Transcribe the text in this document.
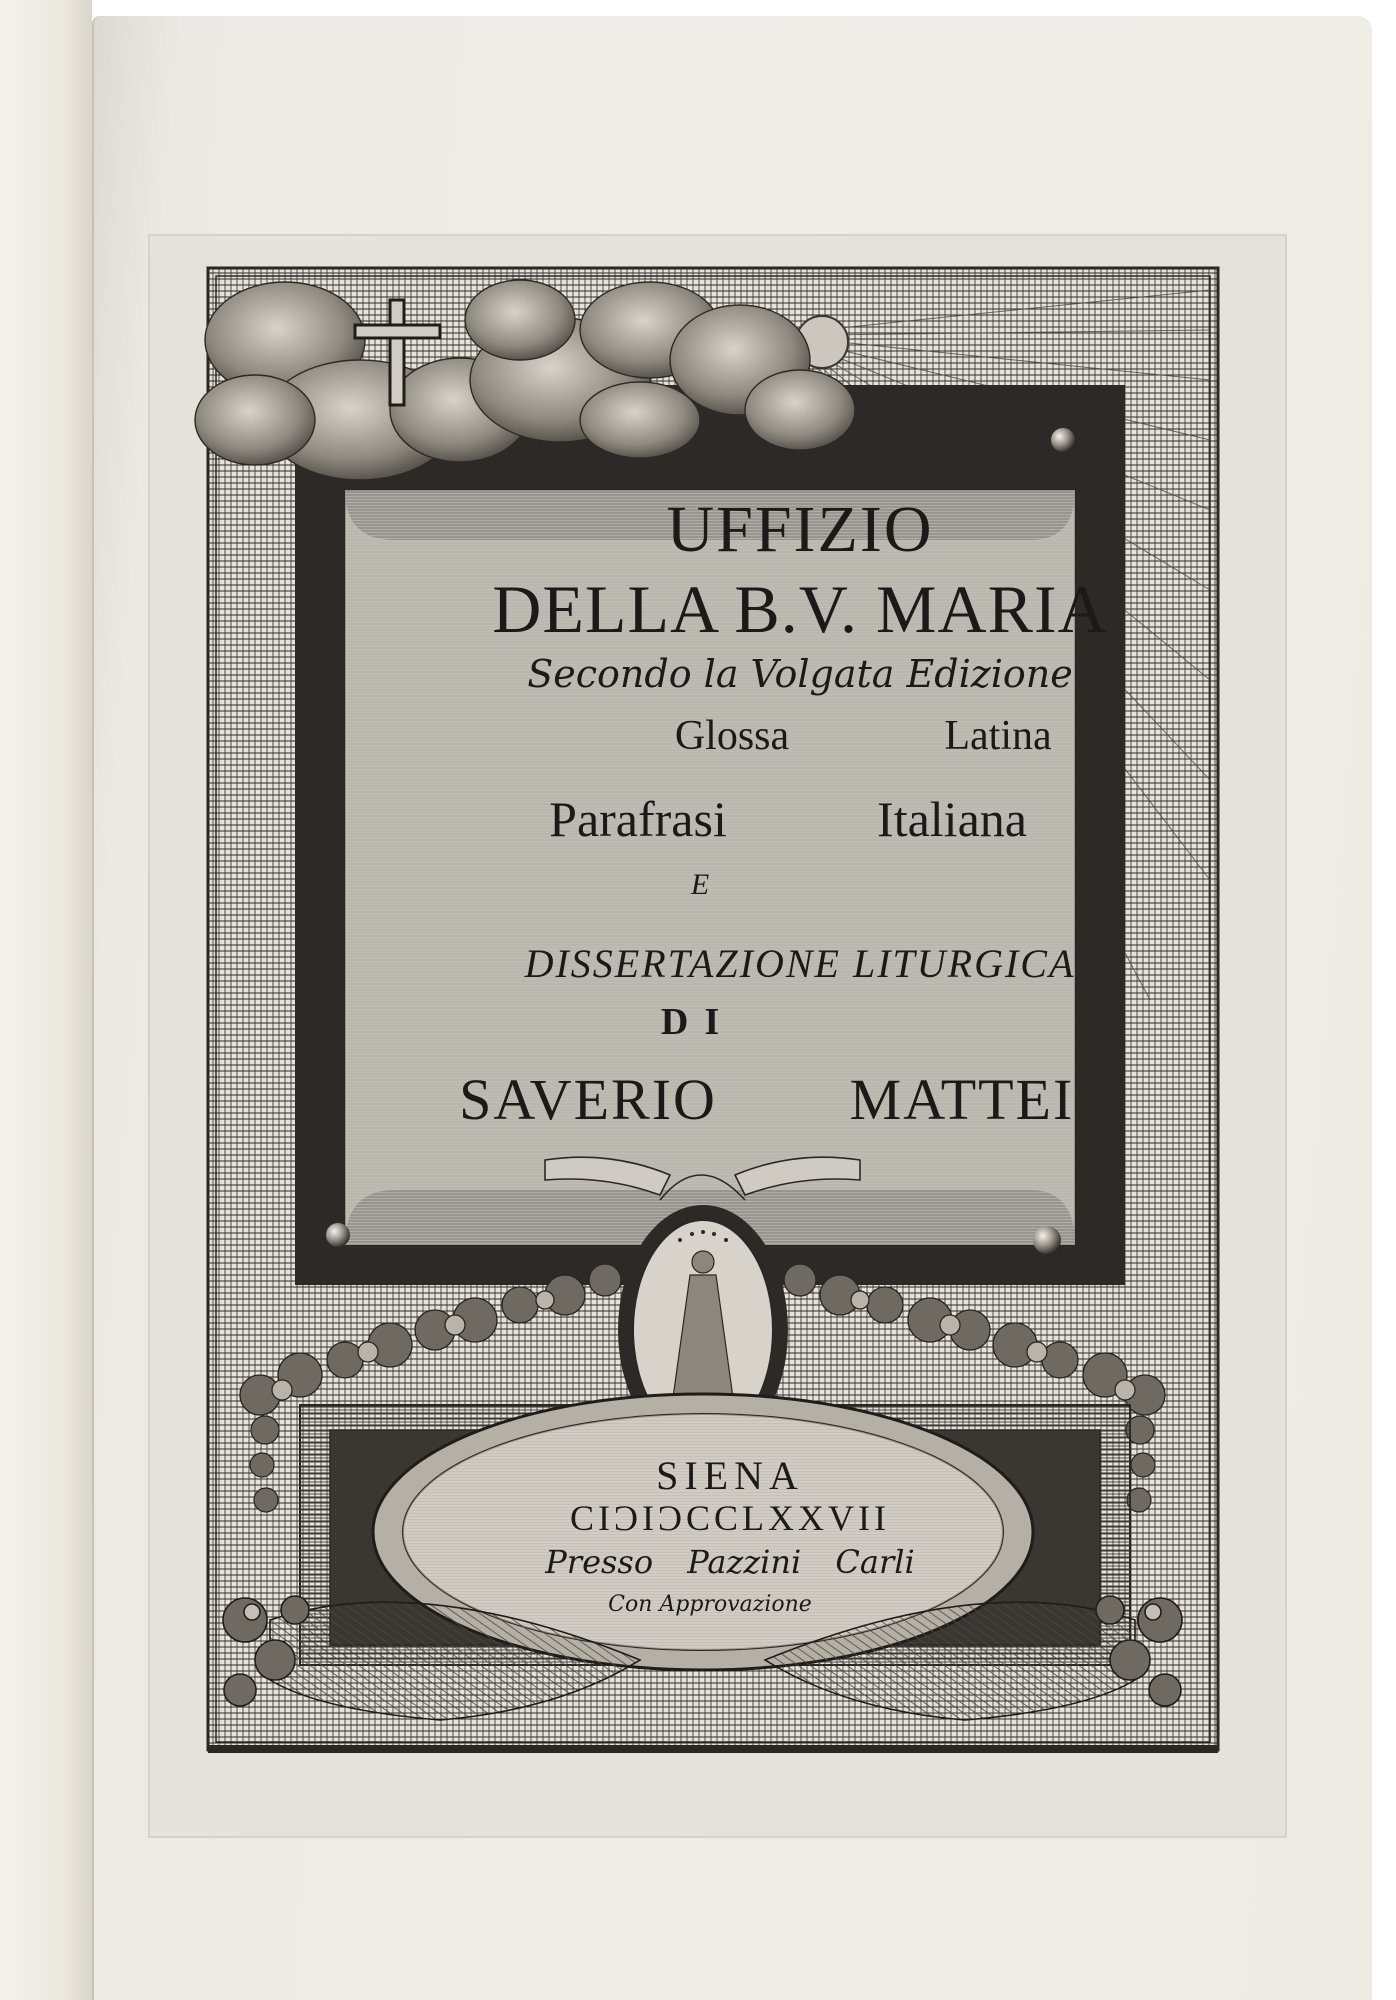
UFFIZIO
DELLA B.V. MARIA
Secondo la Volgata Edizione
Glossa	Latina
Parafrasi	Italiana
E
DISSERTAZIONE LITURGICA
DI
SAVERIO	MATTEI
SIENA
CIϽIϽCCLXXVII
Presso Pazzini Carli
Con Approvazione
